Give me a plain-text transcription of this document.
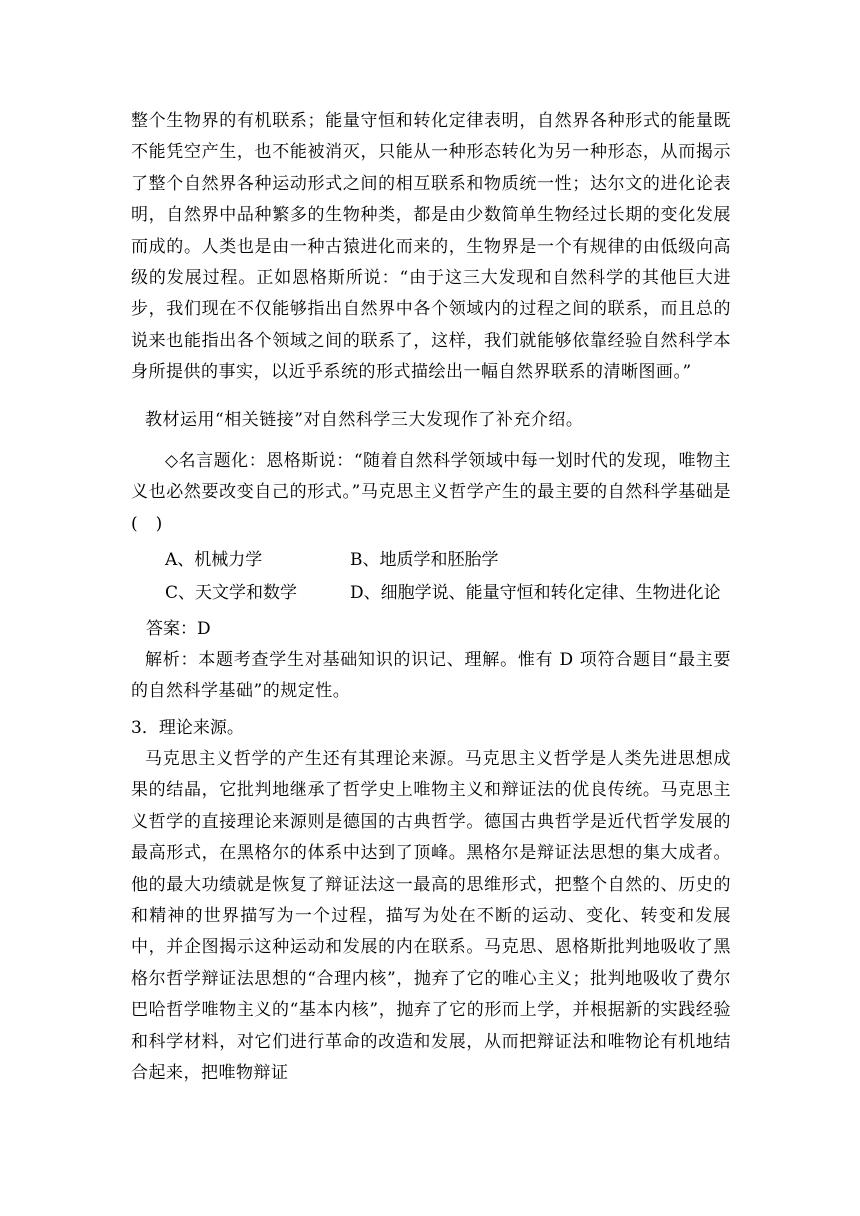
整个生物界的有机联系；能量守恒和转化定律表明，自然界各种形式的能量既不能凭空产生，也不能被消灭，只能从一种形态转化为另一种形态，从而揭示了整个自然界各种运动形式之间的相互联系和物质统一性；达尔文的进化论表明，自然界中品种繁多的生物种类，都是由少数简单生物经过长期的变化发展而成的。人类也是由一种古猿进化而来的，生物界是一个有规律的由低级向高级的发展过程。正如恩格斯所说：“由于这三大发现和自然科学的其他巨大进步，我们现在不仅能够指出自然界中各个领域内的过程之间的联系，而且总的说来也能指出各个领域之间的联系了，这样，我们就能够依靠经验自然科学本身所提供的事实，以近乎系统的形式描绘出一幅自然界联系的清晰图画。”
教材运用“相关链接”对自然科学三大发现作了补充介绍。
◇名言题化：恩格斯说：“随着自然科学领域中每一划时代的发现，唯物主义也必然要改变自己的形式。”马克思主义哲学产生的最主要的自然科学基础是(　)
A、机械力学	B、地质学和胚胎学
C、天文学和数学	D、细胞学说、能量守恒和转化定律、生物进化论
答案：D
解析：本题考查学生对基础知识的识记、理解。惟有 D 项符合题目“最主要的自然科学基础”的规定性。
3．理论来源。
马克思主义哲学的产生还有其理论来源。马克思主义哲学是人类先进思想成果的结晶，它批判地继承了哲学史上唯物主义和辩证法的优良传统。马克思主义哲学的直接理论来源则是德国的古典哲学。德国古典哲学是近代哲学发展的最高形式，在黑格尔的体系中达到了顶峰。黑格尔是辩证法思想的集大成者。他的最大功绩就是恢复了辩证法这一最高的思维形式，把整个自然的、历史的和精神的世界描写为一个过程，描写为处在不断的运动、变化、转变和发展中，并企图揭示这种运动和发展的内在联系。马克思、恩格斯批判地吸收了黑格尔哲学辩证法思想的“合理内核”，抛弃了它的唯心主义；批判地吸收了费尔巴哈哲学唯物主义的“基本内核”，抛弃了它的形而上学，并根据新的实践经验和科学材料，对它们进行革命的改造和发展，从而把辩证法和唯物论有机地结合起来，把唯物辩证
